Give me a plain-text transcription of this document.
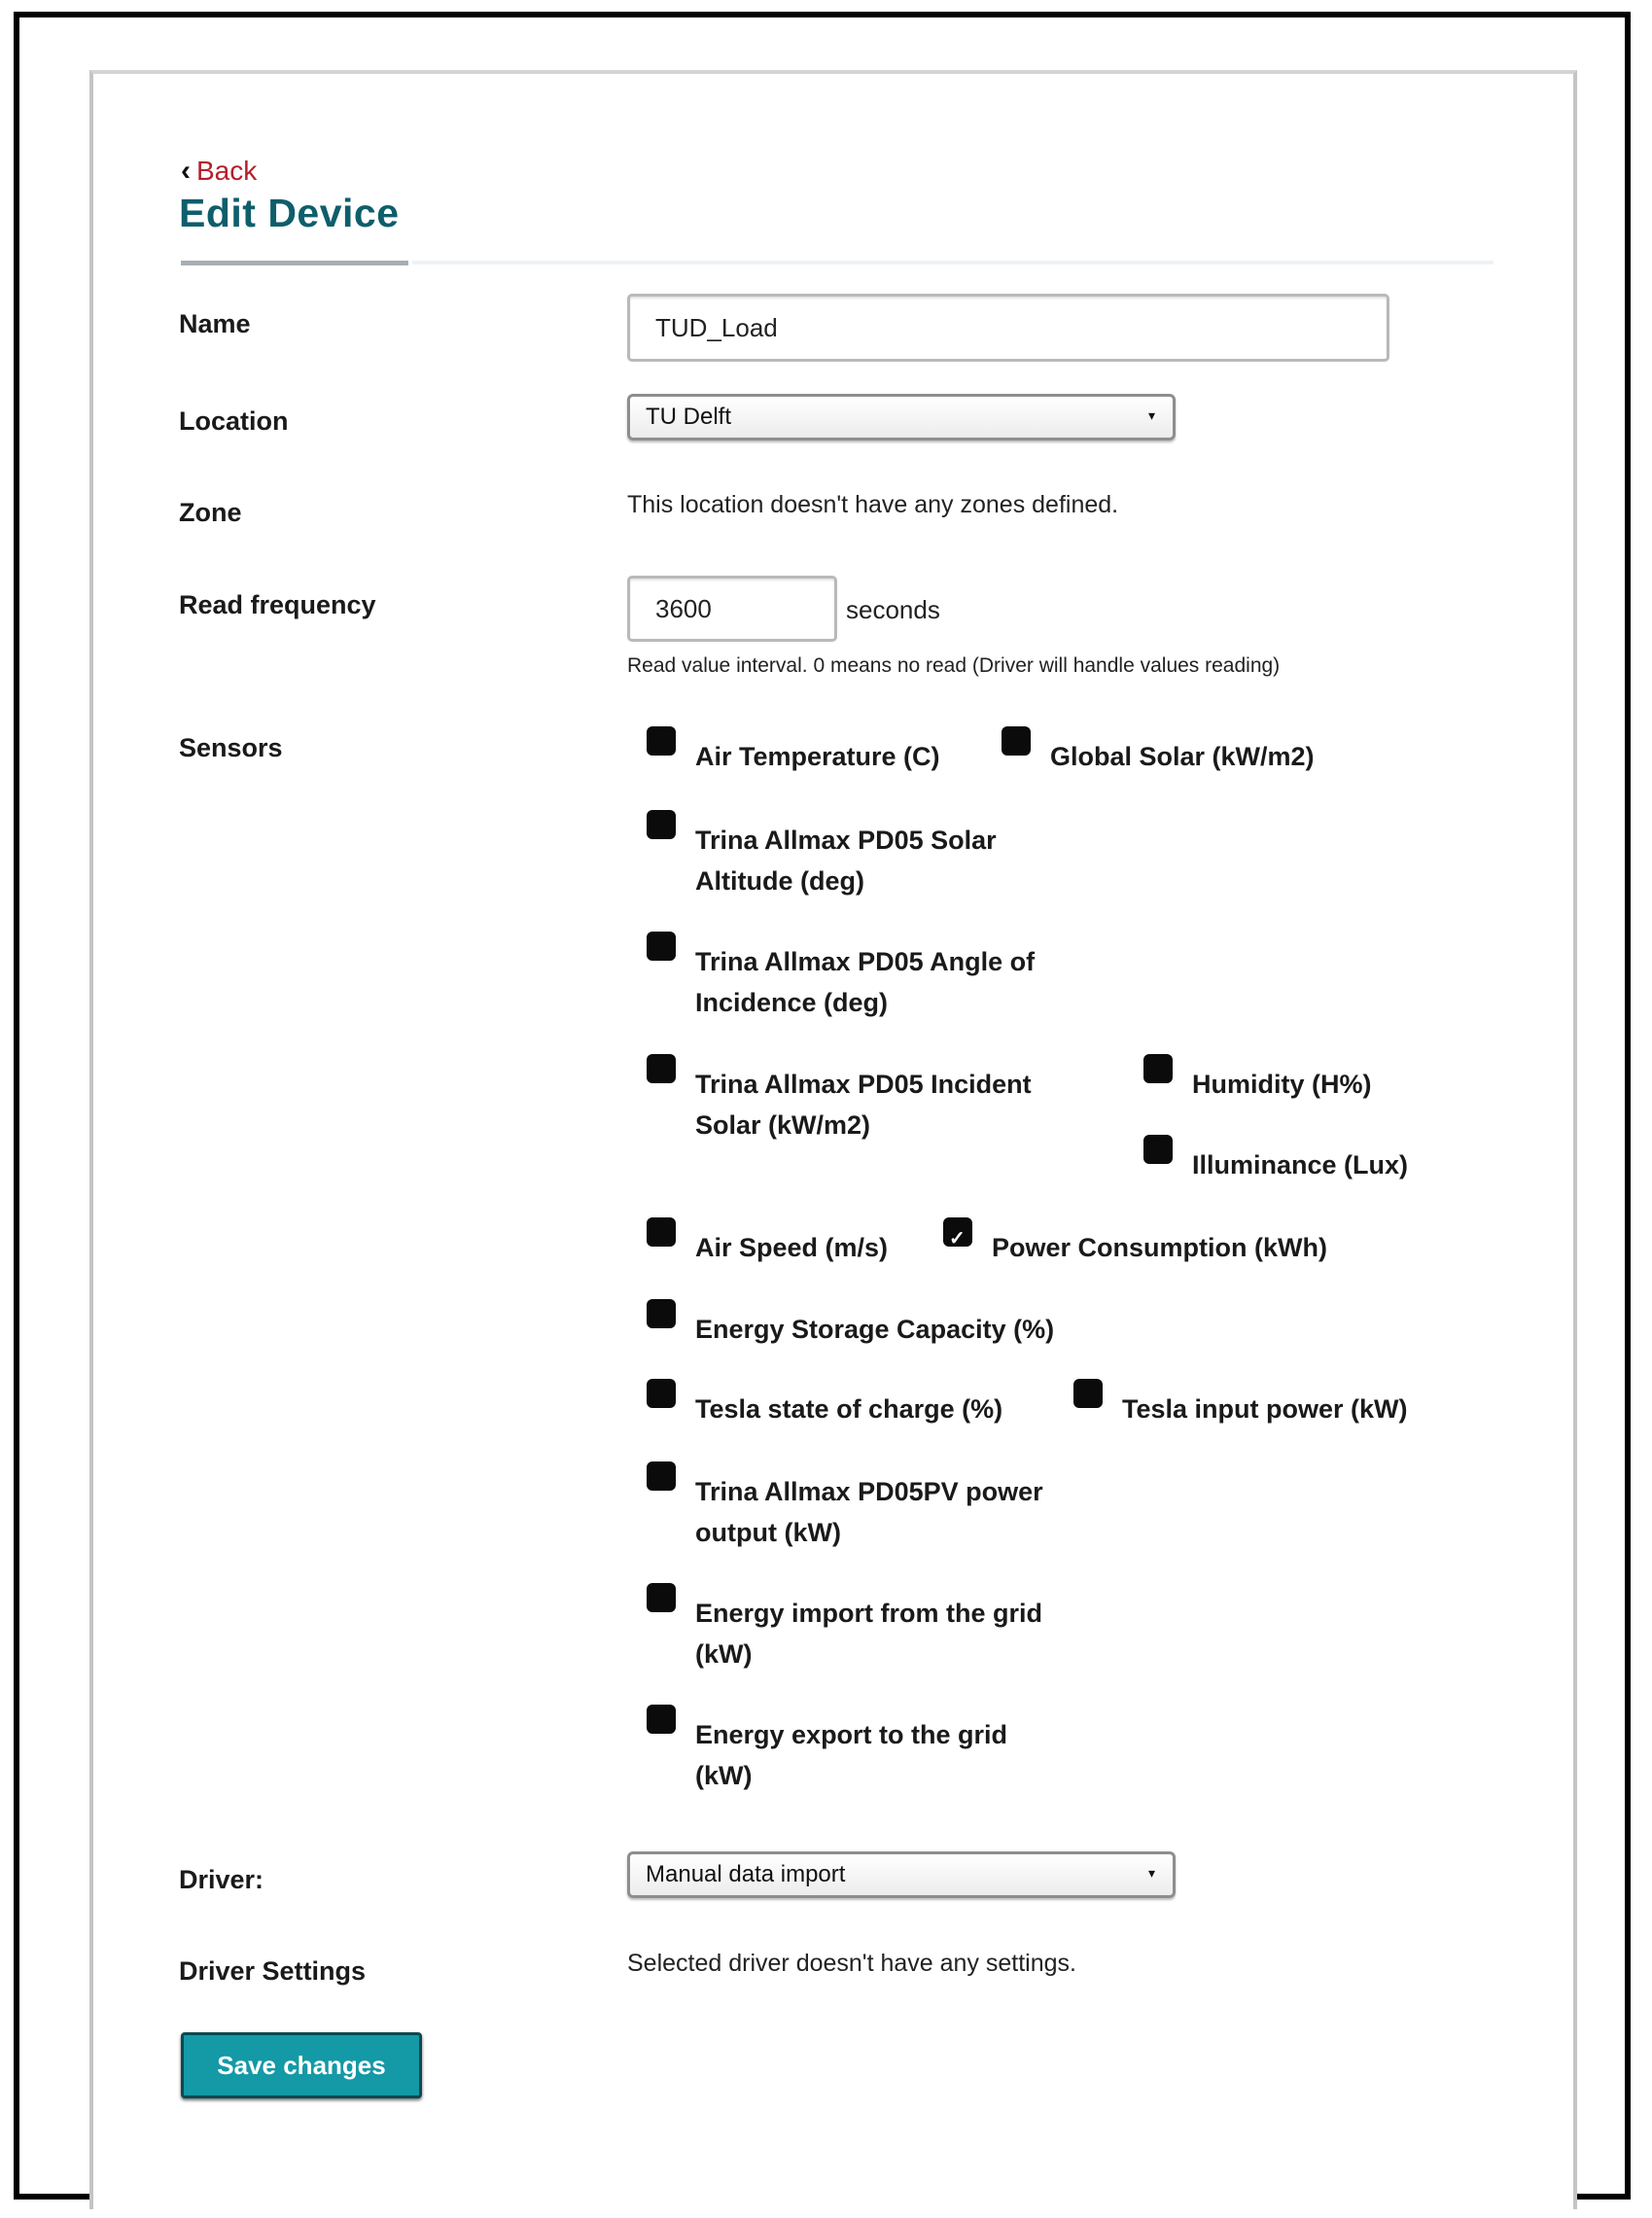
‹ Back
Edit Device
Name
TUD_Load
Location	TU Delft	▾
Zone	This location doesn't have any zones defined.
Read frequency
3600	seconds
Read value interval. 0 means no read (Driver will handle values reading)
Sensors	Air Temperature (C)	Global Solar (kW/m2)
Trina Allmax PD05 Solar Altitude (deg)
Trina Allmax PD05 Angle of Incidence (deg)
Trina Allmax PD05 Incident Solar (kW/m2)
Humidity (H%)
Illuminance (Lux)
Air Speed (m/s)	✓ Power Consumption (kWh)
Energy Storage Capacity (%)
Tesla state of charge (%)	Tesla input power (kW)
Trina Allmax PD05PV power output (kW)
Energy import from the grid (kW)
Energy export to the grid (kW)
Driver:	Manual data import	▾
Driver Settings	Selected driver doesn't have any settings.
Save changes
